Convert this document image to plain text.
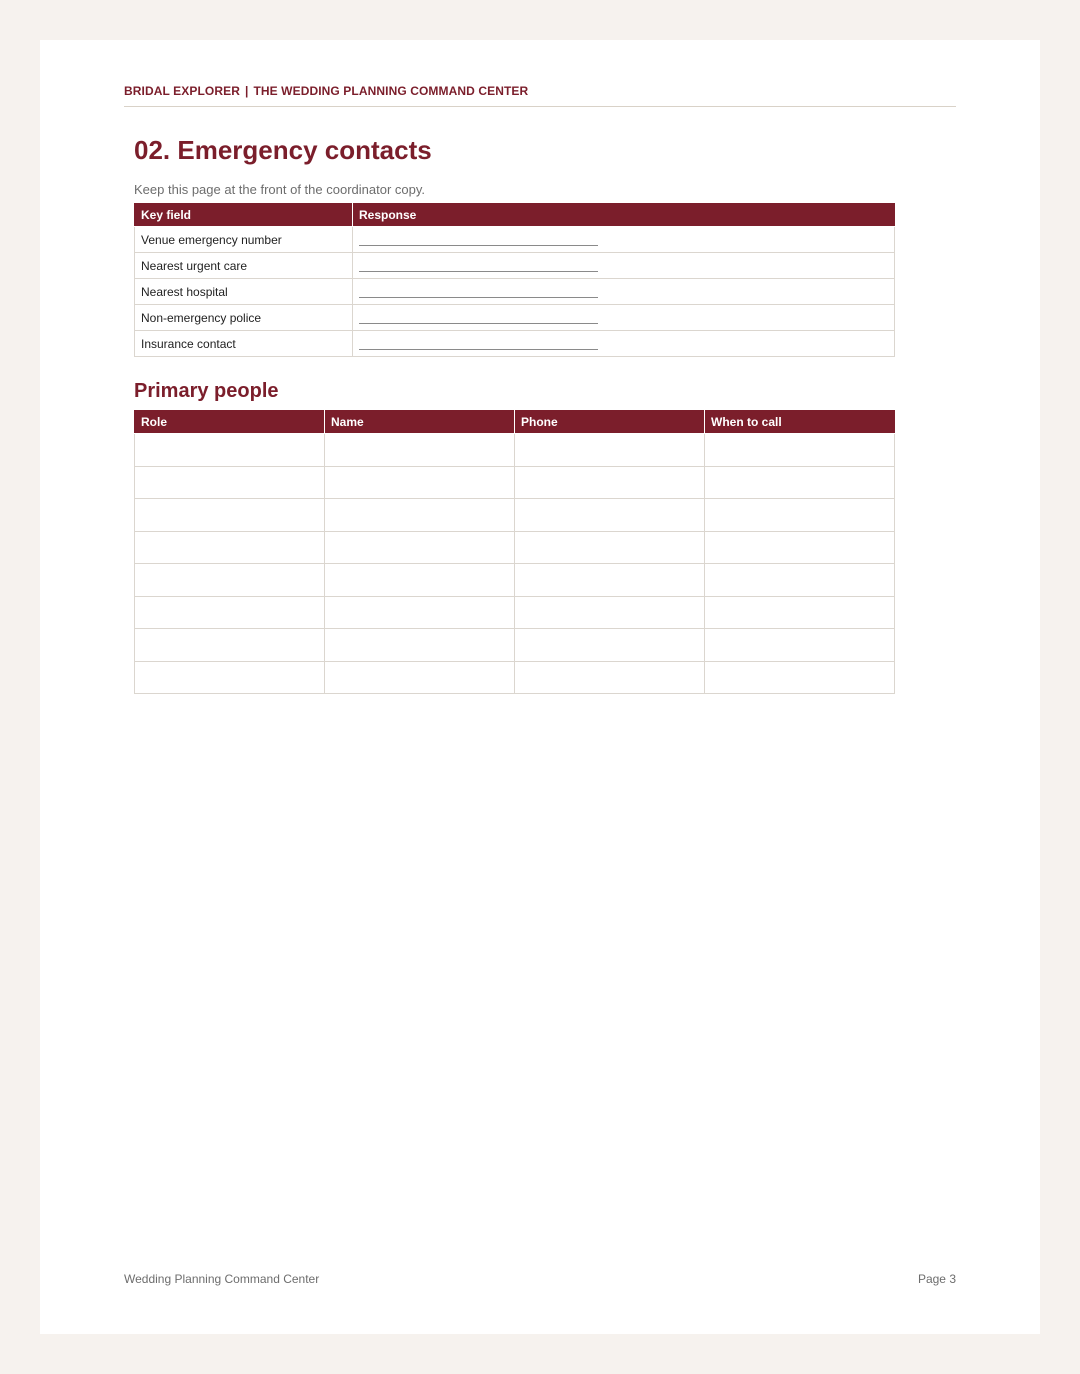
BRIDAL EXPLORER | THE WEDDING PLANNING COMMAND CENTER
02. Emergency contacts
Keep this page at the front of the coordinator copy.
Key field	Response
Venue emergency number	
Nearest urgent care	
Nearest hospital	
Non-emergency police	
Insurance contact	
Primary people
Role	Name	Phone	When to call

Wedding Planning Command Center	Page 3
